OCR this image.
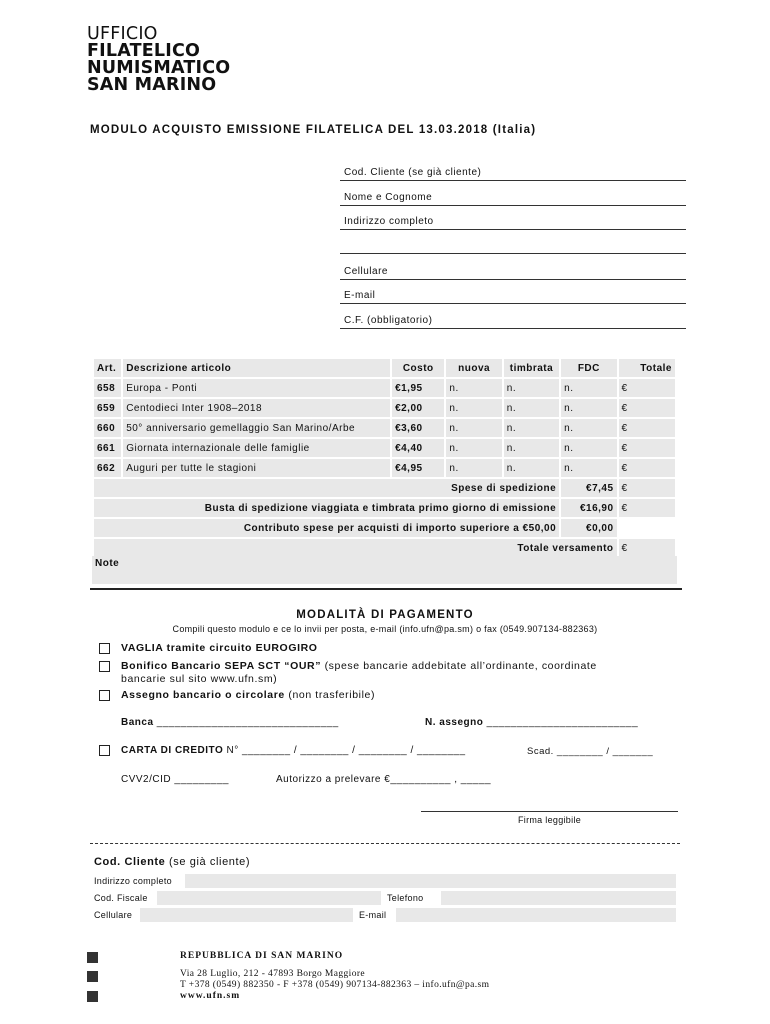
UFFICIO
FILATELICO
NUMISMATICO
SAN MARINO
MODULO ACQUISTO EMISSIONE FILATELICA DEL 13.03.2018 (Italia)
Cod. Cliente (se già cliente)
Nome e Cognome
Indirizzo completo
Cellulare
E-mail
C.F. (obbligatorio)
Art.	Descrizione articolo	Costo	nuova	timbrata	FDC	Totale
658	Europa - Ponti	€1,95	n.	n.	n.	€
659	Centodieci Inter 1908–2018	€2,00	n.	n.	n.	€
660	50° anniversario gemellaggio San Marino/Arbe	€3,60	n.	n.	n.	€
661	Giornata internazionale delle famiglie	€4,40	n.	n.	n.	€
662	Auguri per tutte le stagioni	€4,95	n.	n.	n.	€
Spese di spedizione					€7,45	€
Busta di spedizione viaggiata e timbrata primo giorno di emissione					€16,90	€
Contributo spese per acquisti di importo superiore a €50,00					€0,00	
Totale versamento						€
Note
MODALITÀ DI PAGAMENTO
Compili questo modulo e ce lo invii per posta, e-mail (info.ufn@pa.sm) o fax (0549.907134-882363)
VAGLIA tramite circuito EUROGIRO
Bonifico Bancario SEPA SCT “OUR” (spese bancarie addebitate all’ordinante, coordinate
bancarie sul sito www.ufn.sm)
Assegno bancario o circolare (non trasferibile)
Banca ______________________________	N. assegno _________________________
CARTA DI CREDITO N° ________ / ________ / ________ / ________	Scad. ________ / _______
CVV2/CID _________	Autorizzo a prelevare €__________ , _____
Firma leggibile
Cod. Cliente (se già cliente)
Indirizzo completo
Cod. Fiscale	Telefono
Cellulare	E-mail
REPUBBLICA DI SAN MARINO
Via 28 Luglio, 212 - 47893 Borgo Maggiore
T +378 (0549) 882350 - F +378 (0549) 907134-882363 – info.ufn@pa.sm
www.ufn.sm
